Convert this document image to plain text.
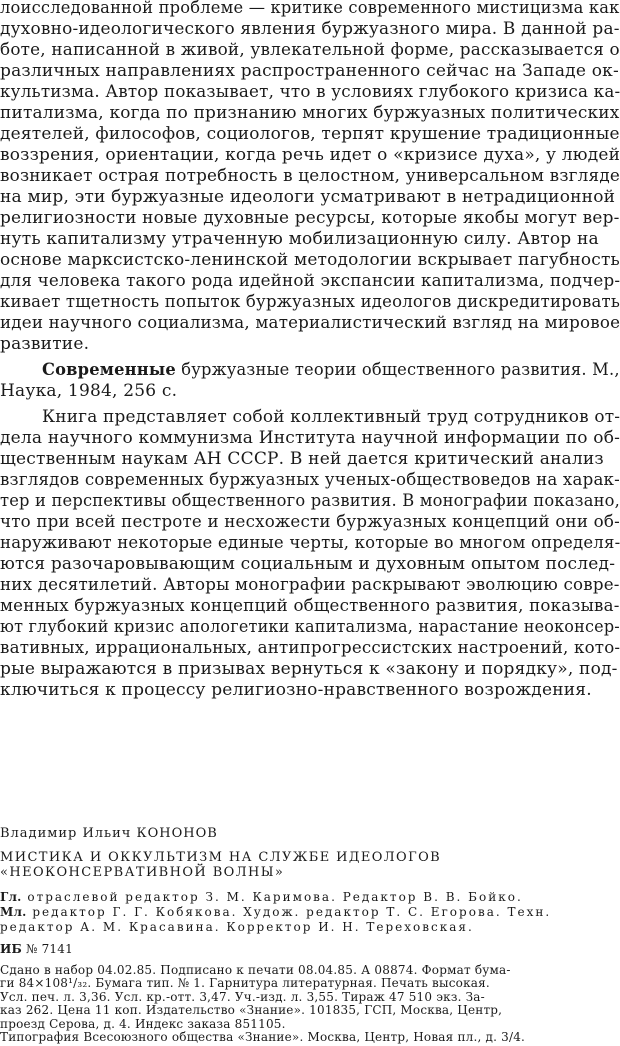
лоисследованной проблеме — критике современного мистицизма как
духовно-идеологического явления буржуазного мира. В данной ра-
боте, написанной в живой, увлекательной форме, рассказывается о
различных направлениях распространенного сейчас на Западе ок-
культизма. Автор показывает, что в условиях глубокого кризиса ка-
питализма, когда по признанию многих буржуазных политических
деятелей, философов, социологов, терпят крушение традиционные
воззрения, ориентации, когда речь идет о «кризисе духа», у людей
возникает острая потребность в целостном, универсальном взгляде
на мир, эти буржуазные идеологи усматривают в нетрадиционной
религиозности новые духовные ресурсы, которые якобы могут вер-
нуть капитализму утраченную мобилизационную силу. Автор на
основе марксистско-ленинской методологии вскрывает пагубность
для человека такого рода идейной экспансии капитализма, подчер-
кивает тщетность попыток буржуазных идеологов дискредитировать
идеи научного социализма, материалистический взгляд на мировое
развитие.
Современные буржуазные теории общественного развития. М.,
Наука, 1984, 256 с.
Книга представляет собой коллективный труд сотрудников от-
дела научного коммунизма Института научной информации по об-
щественным наукам АН СССР. В ней дается критический анализ
взглядов современных буржуазных ученых-обществоведов на харак-
тер и перспективы общественного развития. В монографии показано,
что при всей пестроте и несхожести буржуазных концепций они об-
наруживают некоторые единые черты, которые во многом определя-
ются разочаровывающим социальным и духовным опытом послед-
них десятилетий. Авторы монографии раскрывают эволюцию совре-
менных буржуазных концепций общественного развития, показыва-
ют глубокий кризис апологетики капитализма, нарастание неоконсер-
вативных, иррациональных, антипрогрессистских настроений, кото-
рые выражаются в призывах вернуться к «закону и порядку», под-
ключиться к процессу религиозно-нравственного возрождения.
Владимир Ильич КОНОНОВ
МИСТИКА И ОККУЛЬТИЗМ НА СЛУЖБЕ ИДЕОЛОГОВ
«НЕОКОНСЕРВАТИВНОЙ ВОЛНЫ»
Гл. отраслевой редактор З. М. Каримова. Редактор В. В. Бойко.
Мл. редактор Г. Г. Кобякова. Худож. редактор Т. С. Егорова. Техн.
редактор А. М. Красавина. Корректор И. Н. Тереховская.
ИБ № 7141
Сдано в набор 04.02.85. Подписано к печати 08.04.85. А 08874. Формат бума-
ги 84×108¹/₃₂. Бумага тип. № 1. Гарнитура литературная. Печать высокая.
Усл. печ. л. 3,36. Усл. кр.-отт. 3,47. Уч.-изд. л. 3,55. Тираж 47 510 экз. За-
каз 262. Цена 11 коп. Издательство «Знание». 101835, ГСП, Москва, Центр,
проезд Серова, д. 4. Индекс заказа 851105.
Типография Всесоюзного общества «Знание». Москва, Центр, Новая пл., д. 3/4.
